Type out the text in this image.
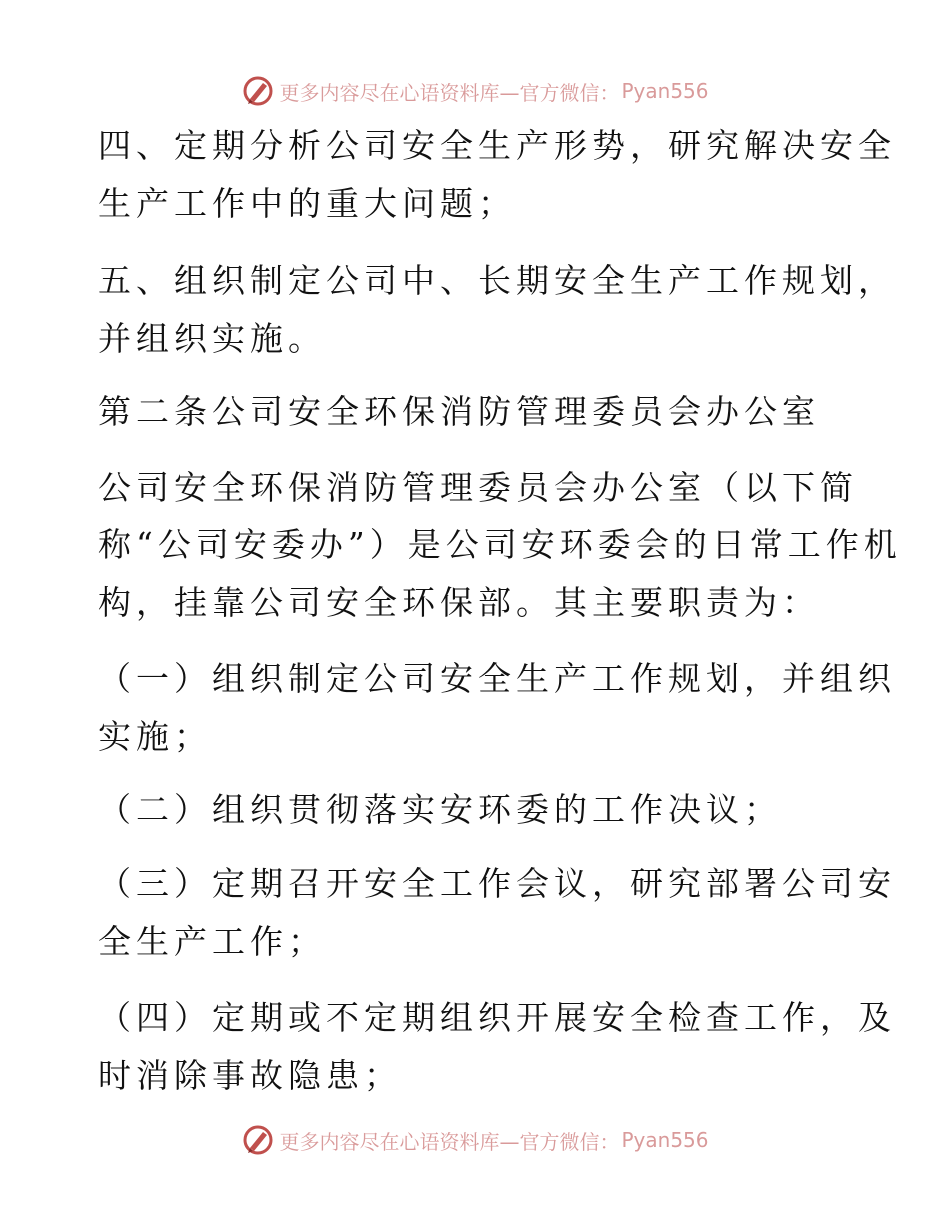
更多内容尽在心语资料库—官方微信： Pyan556
四、定期分析公司安全生产形势，研究解决安全
生产工作中的重大问题；
五、组织制定公司中、长期安全生产工作规划，
并组织实施。
第二条公司安全环保消防管理委员会办公室
公司安全环保消防管理委员会办公室（以下简
称“公司安委办”）是公司安环委会的日常工作机
构，挂靠公司安全环保部。其主要职责为：
（一）组织制定公司安全生产工作规划，并组织
实施；
（二）组织贯彻落实安环委的工作决议；
（三）定期召开安全工作会议，研究部署公司安
全生产工作；
（四）定期或不定期组织开展安全检查工作，及
时消除事故隐患；
更多内容尽在心语资料库—官方微信： Pyan556
